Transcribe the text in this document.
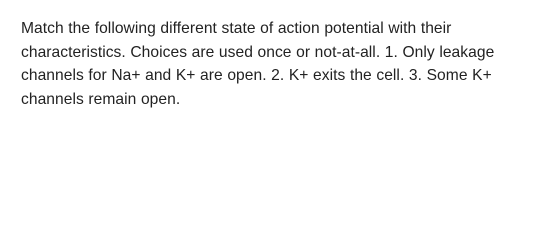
Match the following different state of action potential with their characteristics. Choices are used once or not-at-all. 1. Only leakage channels for Na+ and K+ are open. 2. K+ exits the cell. 3. Some K+ channels remain open.
